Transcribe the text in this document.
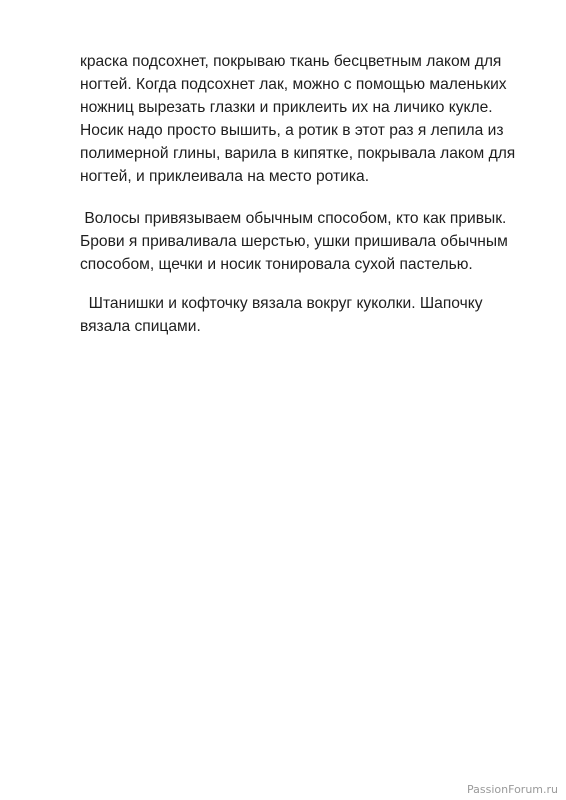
краска подсохнет, покрываю ткань бесцветным лаком для
ногтей. Когда подсохнет лак, можно с помощью маленьких
ножниц вырезать глазки и приклеить их на личико кукле.
Носик надо просто вышить, а ротик в этот раз я лепила из
полимерной глины, варила в кипятке, покрывала лаком для
ногтей, и приклеивала на место ротика.
Волосы привязываем обычным способом, кто как привык.
Брови я приваливала шерстью, ушки пришивала обычным
способом, щечки и носик тонировала сухой пастелью.
Штанишки и кофточку вязала вокруг куколки. Шапочку
вязала спицами.
PassionForum.ru
